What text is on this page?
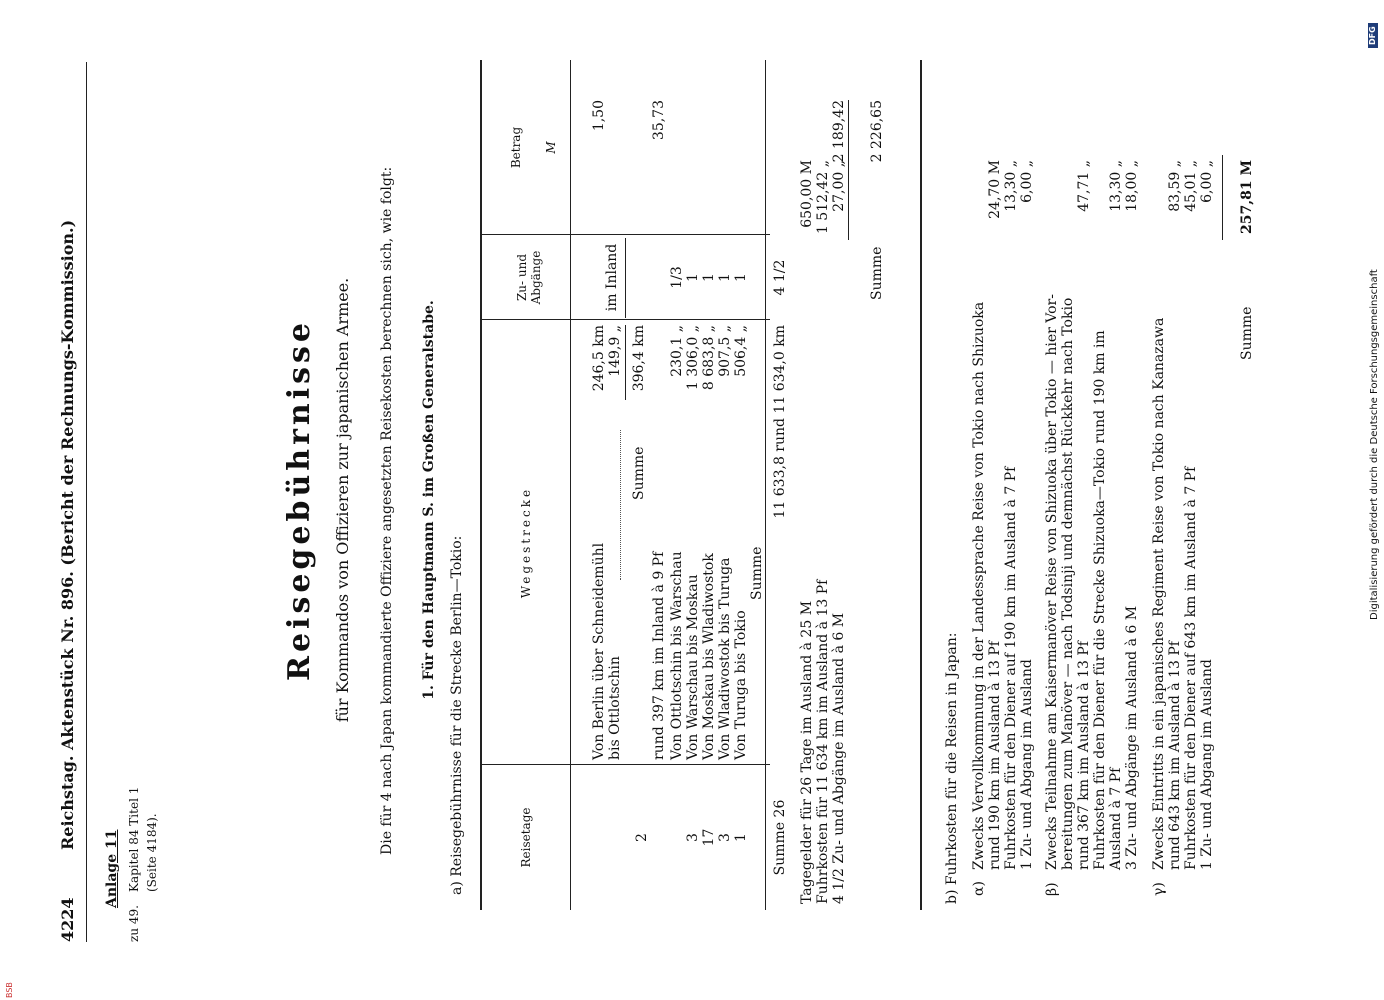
4224
Reichstag. Aktenstück Nr. 896. (Bericht der Rechnungs-Kommission.)
Anlage 11
zu 49.
Kapitel 84 Titel 1 (Seite 4184).
Reisegebührnisse für Kommandos von Offizieren zur japanischen Armee. Die für 4 nach Japan kommandierte Offiziere angesetzten Reisekosten berechnen sich, wie folgt: 1. Für den Hauptmann S. im Großen Generalstabe.
a) Reisegebührnisse für die Strecke Berlin—Tokio:	Reisetage
Wegestrecke
Zu- und Abgänge
Betrag M
Von Berlin über Schneidemühl bis Ottlotschin
246,5 km 149,9 „
Summe
396,4 km
im Inland
1,50
2
rund 397 km im Inland à 9 Pf
35,73
Von Ottlotschin bis Warschau
230,1 „
1/3
3
Von Warschau bis Moskau
1 306,0 „
1
17
Von Moskau bis Wladiwostok
8 683,8 „
1
3
Von Wladiwostok bis Turuga
907,5 „
1
1
Von Turuga bis Tokio
506,4 „
1
Summe
Summe 26
11 633,8 rund 11 634,0 km
4 1/2
Tagegelder für 26 Tage im Ausland à 25 M
650,00 M
Fuhrkosten für 11 634 km im Ausland à 13 Pf
1 512,42 „
4 1/2 Zu- und Abgänge im Ausland à 6 M
27,00 „
2 189,42
Summe
2 226,65
b) Fuhrkosten für die Reisen in Japan: α)
Zwecks Vervollkommnung in der Landessprache Reise von Tokio nach Shizuoka rund 190 km im Ausland à 13 Pf Fuhrkosten für den Diener auf 190 km im Ausland à 7 Pf 1 Zu- und Abgang im Ausland
24,70 M 13,30 „ 6,00 „
β)
Zwecks Teilnahme am Kaisermanöver Reise von Shizuoka über Tokio — hier Vor- bereitungen zum Manöver — nach Todsinji und demnächst Rückkehr nach Tokio rund 367 km im Ausland à 13 Pf Fuhrkosten für den Diener für die Strecke Shizuoka—Tokio rund 190 km im Ausland à 7 Pf 3 Zu- und Abgänge im Ausland à 6 M
47,71 „ 13,30 „ 18,00 „
γ)
Zwecks Eintritts in ein japanisches Regiment Reise von Tokio nach Kanazawa rund 643 km im Ausland à 13 Pf Fuhrkosten für den Diener auf 643 km im Ausland à 7 Pf 1 Zu- und Abgang im Ausland
83,59 „ 45,01 „ 6,00 „
Summe
257,81 M
Digitalisierung gefördert durch die Deutsche Forschungsgemeinschaft
DFG
BSB
